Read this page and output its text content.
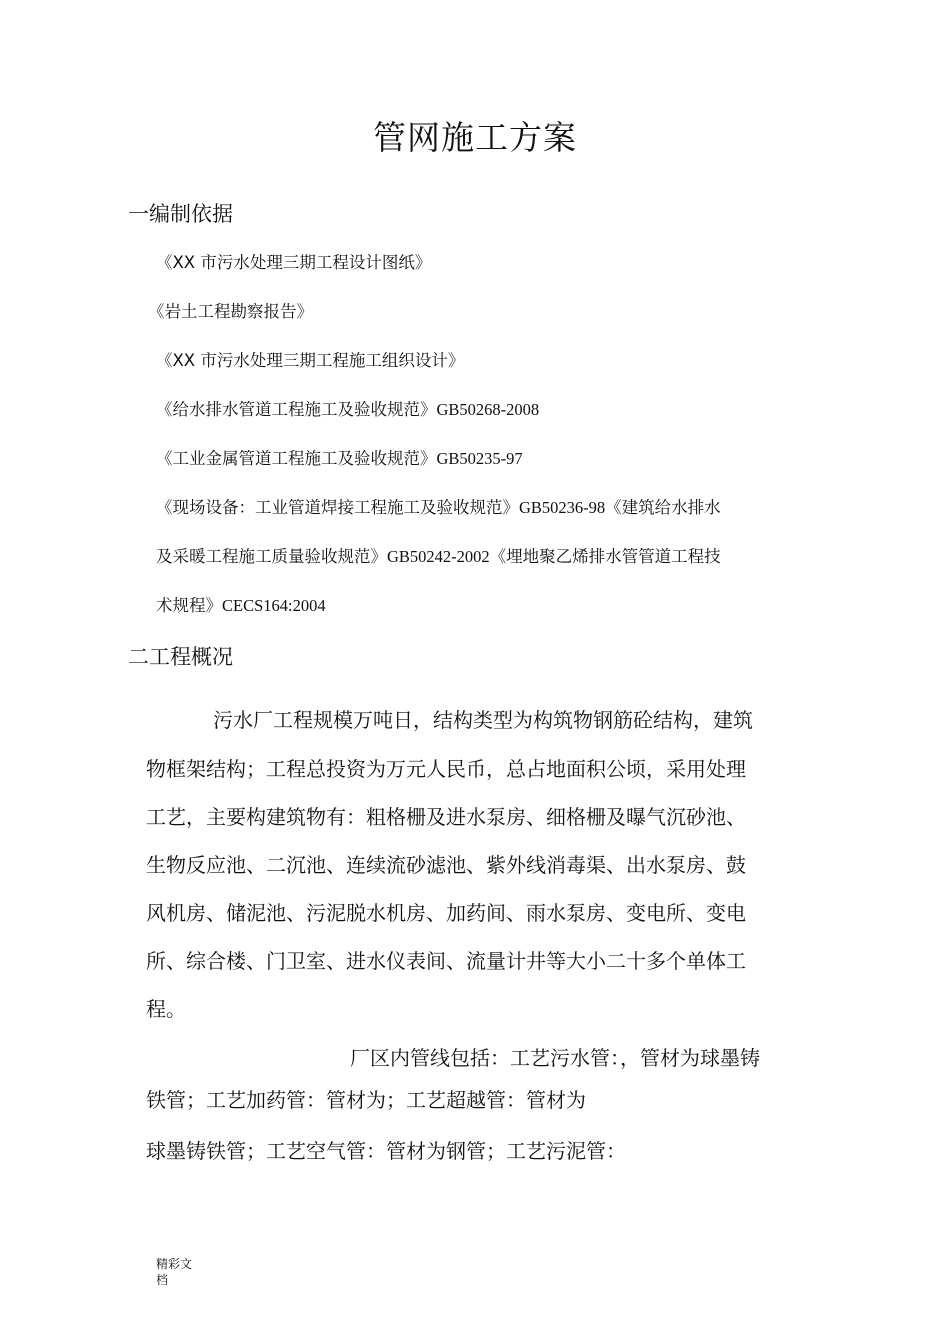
管网施工方案
一编制依据
《XX 市污水处理三期工程设计图纸》
《岩土工程勘察报告》
《XX 市污水处理三期工程施工组织设计》
《给水排水管道工程施工及验收规范》GB50268-2008
《工业金属管道工程施工及验收规范》GB50235-97
《现场设备：工业管道焊接工程施工及验收规范》GB50236-98《建筑给水排水
及采暖工程施工质量验收规范》GB50242-2002《埋地聚乙烯排水管管道工程技
术规程》CECS164:2004
二工程概况
污水厂工程规模万吨日，结构类型为构筑物钢筋砼结构，建筑
物框架结构；工程总投资为万元人民币，总占地面积公顷，采用处理
工艺，主要构建筑物有：粗格栅及进水泵房、细格栅及曝气沉砂池、
生物反应池、二沉池、连续流砂滤池、紫外线消毒渠、出水泵房、鼓
风机房、储泥池、污泥脱水机房、加药间、雨水泵房、变电所、变电
所、综合楼、门卫室、进水仪表间、流量计井等大小二十多个单体工
程。
厂区内管线包括：工艺污水管：，管材为球墨铸
铁管；工艺加药管：管材为；工艺超越管：管材为
球墨铸铁管；工艺空气管：管材为钢管；工艺污泥管：
精彩文
档
